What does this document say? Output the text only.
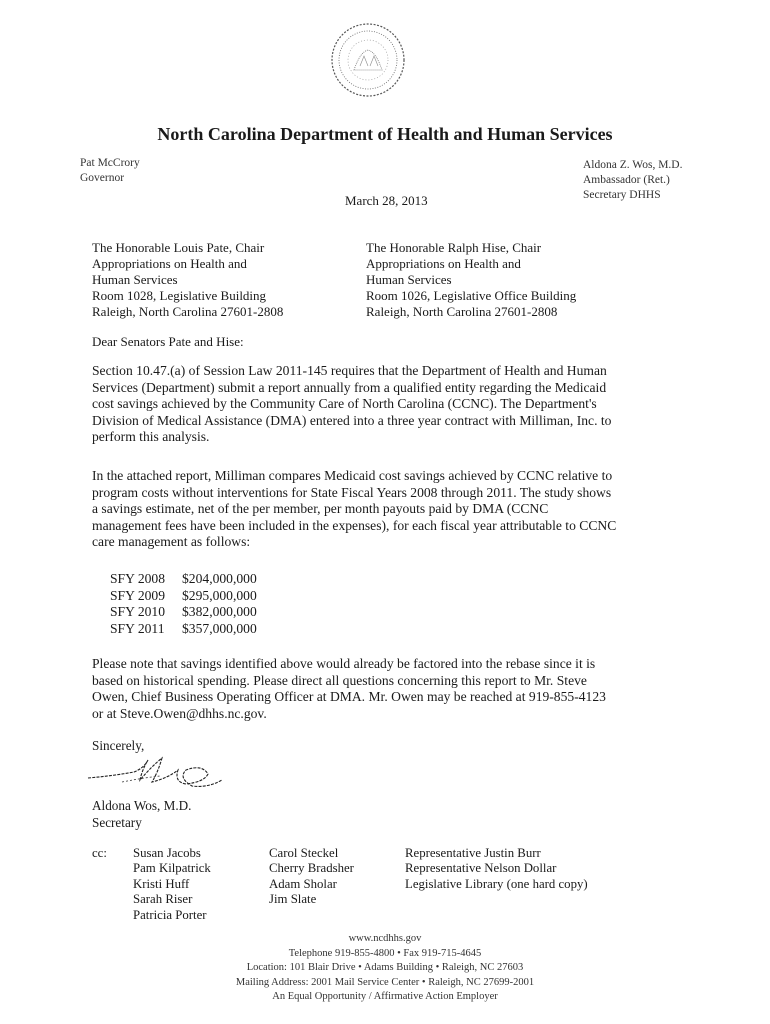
North Carolina Department of Health and Human Services
Pat McCrory
Governor
Aldona Z. Wos, M.D.
Ambassador (Ret.)
Secretary DHHS
March 28, 2013
The Honorable Louis Pate, Chair
Appropriations on Health and
Human Services
Room 1028, Legislative Building
Raleigh, North Carolina 27601-2808
The Honorable Ralph Hise, Chair
Appropriations on Health and
Human Services
Room 1026, Legislative Office Building
Raleigh, North Carolina 27601-2808
Dear Senators Pate and Hise:
Section 10.47.(a) of Session Law 2011-145 requires that the Department of Health and Human
Services (Department) submit a report annually from a qualified entity regarding the Medicaid
cost savings achieved by the Community Care of North Carolina (CCNC). The Department's
Division of Medical Assistance (DMA) entered into a three year contract with Milliman, Inc. to
perform this analysis.
In the attached report, Milliman compares Medicaid cost savings achieved by CCNC relative to
program costs without interventions for State Fiscal Years 2008 through 2011. The study shows
a savings estimate, net of the per member, per month payouts paid by DMA (CCNC
management fees have been included in the expenses), for each fiscal year attributable to CCNC
care management as follows:
SFY 2008	$204,000,000
SFY 2009	$295,000,000
SFY 2010	$382,000,000
SFY 2011	$357,000,000
Please note that savings identified above would already be factored into the rebase since it is
based on historical spending. Please direct all questions concerning this report to Mr. Steve
Owen, Chief Business Operating Officer at DMA. Mr. Owen may be reached at 919-855-4123
or at Steve.Owen@dhhs.nc.gov.
Sincerely,
Aldona Wos, M.D.
Secretary
cc: Susan Jacobs
Pam Kilpatrick
Kristi Huff
Sarah Riser
Patricia Porter
Carol Steckel
Cherry Bradsher
Adam Sholar
Jim Slate
Representative Justin Burr
Representative Nelson Dollar
Legislative Library (one hard copy)
www.ncdhhs.gov
Telephone 919-855-4800 • Fax 919-715-4645
Location: 101 Blair Drive • Adams Building • Raleigh, NC 27603
Mailing Address: 2001 Mail Service Center • Raleigh, NC 27699-2001
An Equal Opportunity / Affirmative Action Employer
